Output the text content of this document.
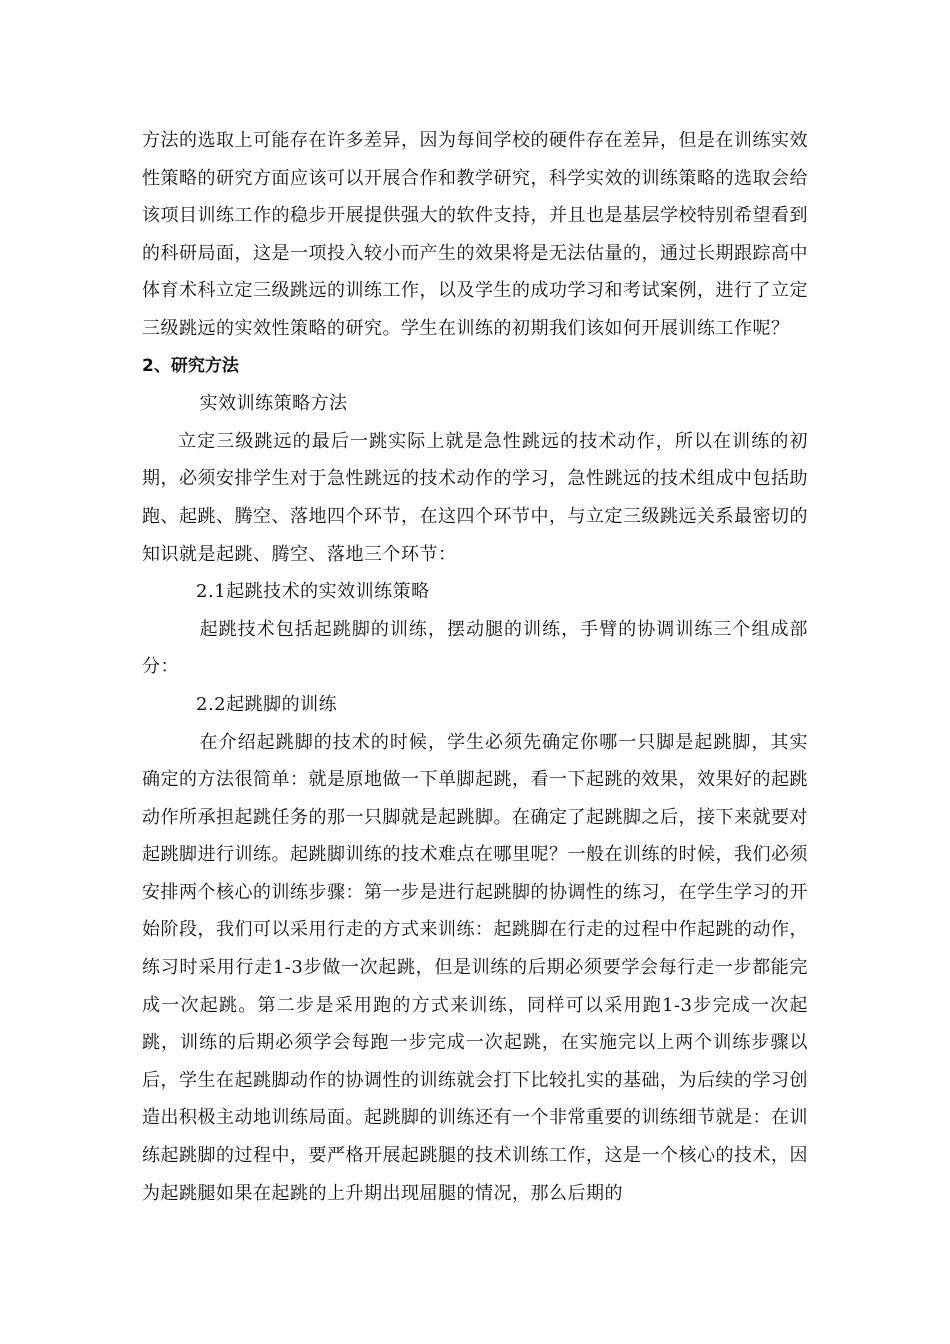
方法的选取上可能存在许多差异，因为每间学校的硬件存在差异，但是在训练实效性策略的研究方面应该可以开展合作和教学研究，科学实效的训练策略的选取会给该项目训练工作的稳步开展提供强大的软件支持，并且也是基层学校特别希望看到的科研局面，这是一项投入较小而产生的效果将是无法估量的，通过长期跟踪高中体育术科立定三级跳远的训练工作，以及学生的成功学习和考试案例，进行了立定三级跳远的实效性策略的研究。学生在训练的初期我们该如何开展训练工作呢？

2、研究方法

实效训练策略方法

立定三级跳远的最后一跳实际上就是急性跳远的技术动作，所以在训练的初期，必须安排学生对于急性跳远的技术动作的学习，急性跳远的技术组成中包括助跑、起跳、腾空、落地四个环节，在这四个环节中，与立定三级跳远关系最密切的知识就是起跳、腾空、落地三个环节：

2.1起跳技术的实效训练策略

起跳技术包括起跳脚的训练，摆动腿的训练，手臂的协调训练三个组成部分：

2.2起跳脚的训练

在介绍起跳脚的技术的时候，学生必须先确定你哪一只脚是起跳脚，其实确定的方法很简单：就是原地做一下单脚起跳，看一下起跳的效果，效果好的起跳动作所承担起跳任务的那一只脚就是起跳脚。在确定了起跳脚之后，接下来就要对起跳脚进行训练。起跳脚训练的技术难点在哪里呢？一般在训练的时候，我们必须安排两个核心的训练步骤：第一步是进行起跳脚的协调性的练习，在学生学习的开始阶段，我们可以采用行走的方式来训练：起跳脚在行走的过程中作起跳的动作，练习时采用行走1-3步做一次起跳，但是训练的后期必须要学会每行走一步都能完成一次起跳。第二步是采用跑的方式来训练，同样可以采用跑1-3步完成一次起跳，训练的后期必须学会每跑一步完成一次起跳，在实施完以上两个训练步骤以后，学生在起跳脚动作的协调性的训练就会打下比较扎实的基础，为后续的学习创造出积极主动地训练局面。起跳脚的训练还有一个非常重要的训练细节就是：在训练起跳脚的过程中，要严格开展起跳腿的技术训练工作，这是一个核心的技术，因为起跳腿如果在起跳的上升期出现屈腿的情况，那么后期的
